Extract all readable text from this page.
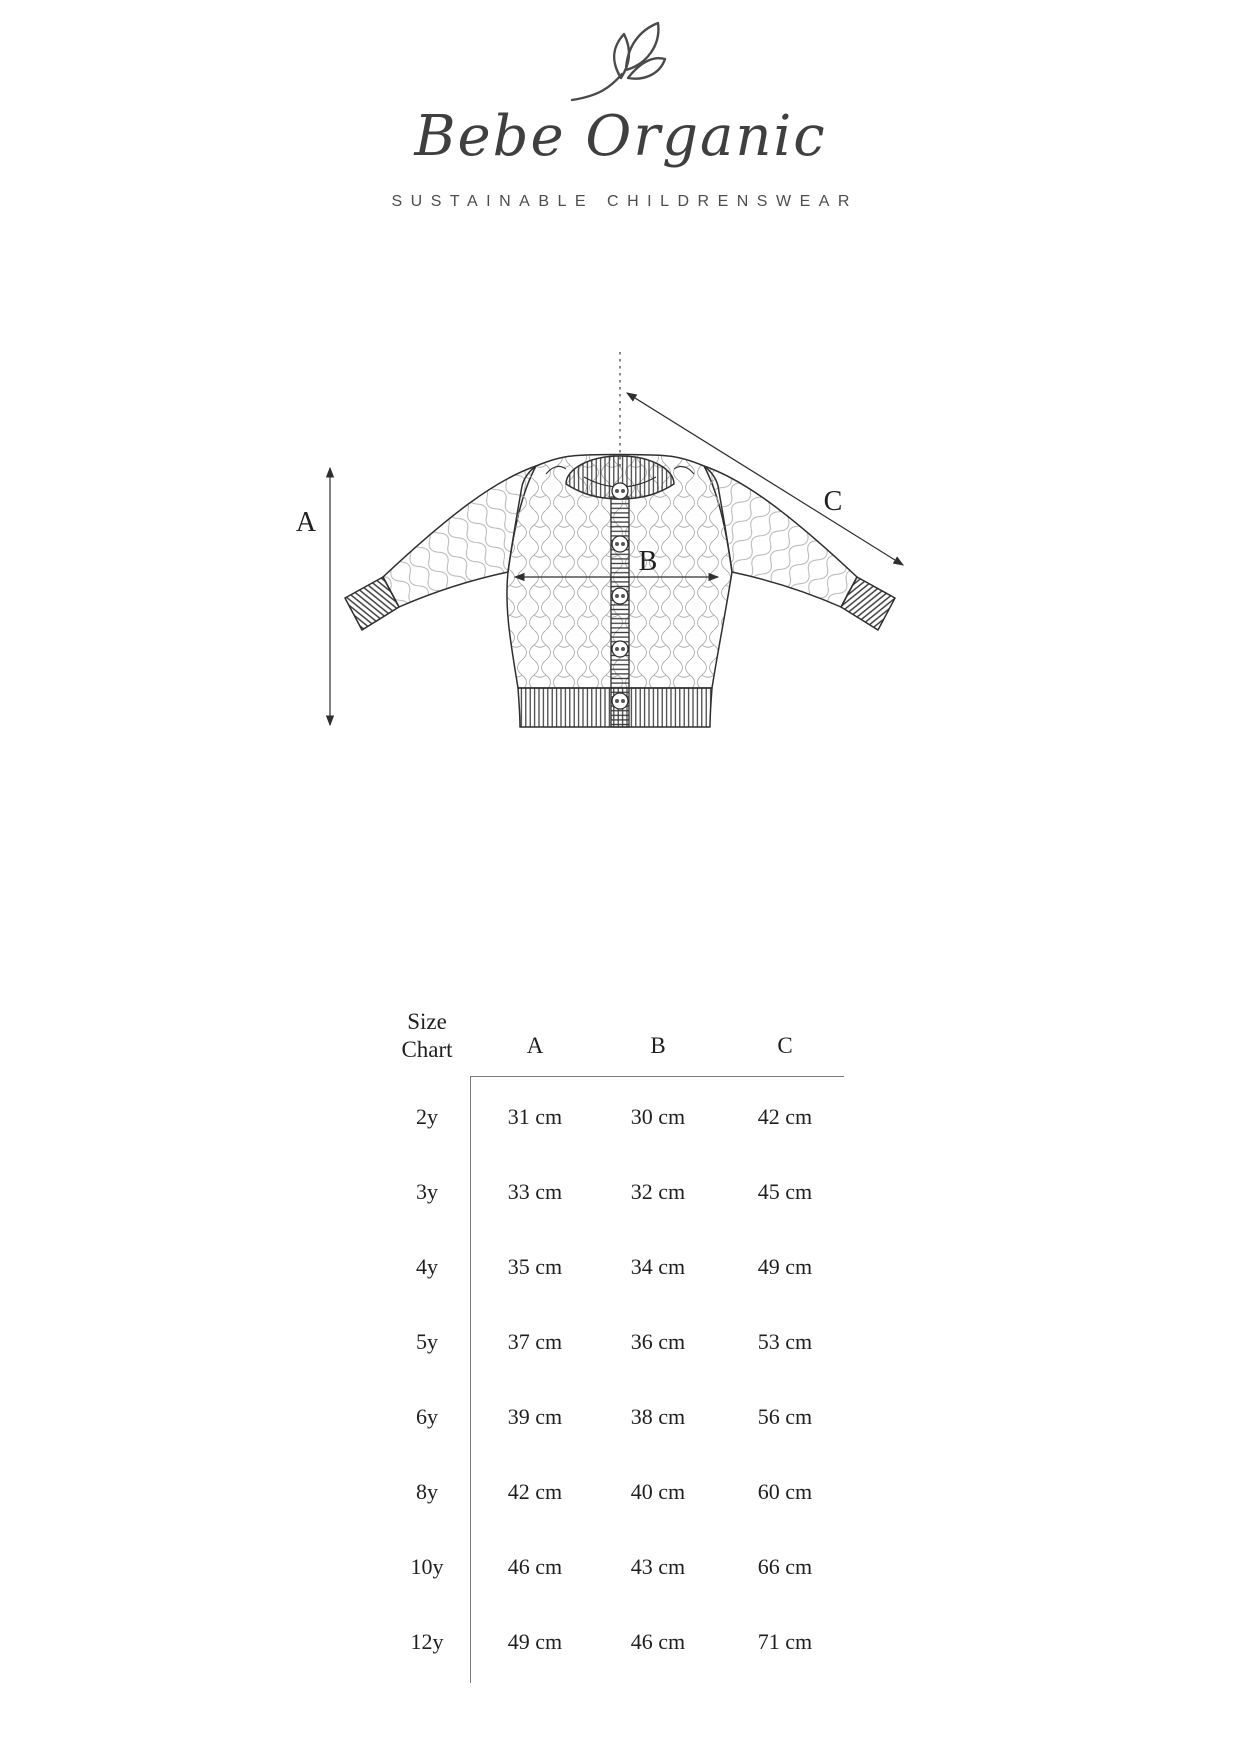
Bebe Organic
SUSTAINABLE CHILDRENSWEAR
A
B
C
Size Chart	A	B	C
2y	31 cm	30 cm	42 cm
3y	33 cm	32 cm	45 cm
4y	35 cm	34 cm	49 cm
5y	37 cm	36 cm	53 cm
6y	39 cm	38 cm	56 cm
8y	42 cm	40 cm	60 cm
10y	46 cm	43 cm	66 cm
12y	49 cm	46 cm	71 cm
